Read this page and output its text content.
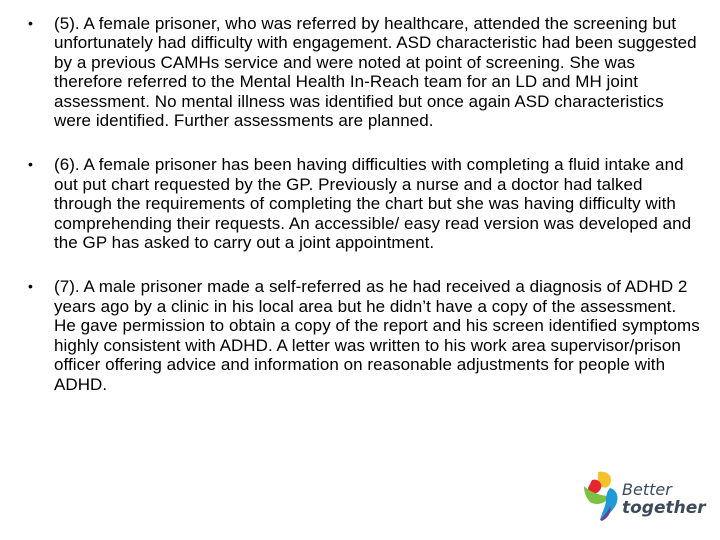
• (5). A female prisoner, who was referred by healthcare, attended the screening but unfortunately had difficulty with engagement. ASD characteristic had been suggested by a previous CAMHs service and were noted at point of screening. She was therefore referred to the Mental Health In-Reach team for an LD and MH joint assessment. No mental illness was identified but once again ASD characteristics were identified. Further assessments are planned.
• (6). A female prisoner has been having difficulties with completing a fluid intake and out put chart requested by the GP. Previously a nurse and a doctor had talked through the requirements of completing the chart but she was having difficulty with comprehending their requests. An accessible/ easy read version was developed and the GP has asked to carry out a joint appointment.
• (7). A male prisoner made a self-referred as he had received a diagnosis of ADHD 2 years ago by a clinic in his local area but he didn’t have a copy of the assessment. He gave permission to obtain a copy of the report and his screen identified symptoms highly consistent with ADHD. A letter was written to his work area supervisor/prison officer offering advice and information on reasonable adjustments for people with ADHD.
Better
together
